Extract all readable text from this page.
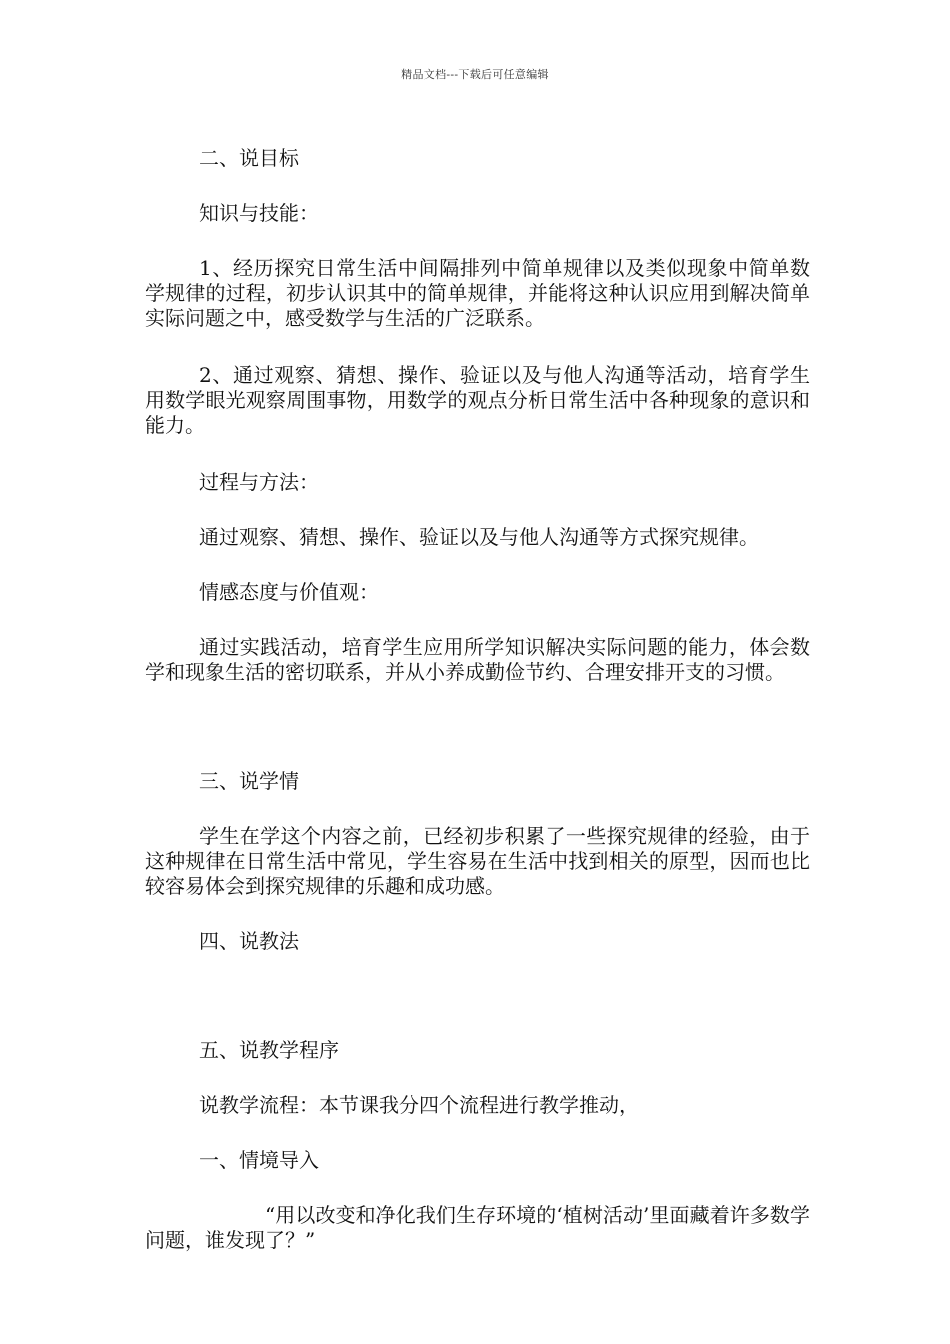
精品文档---下载后可任意编辑

二、说目标

知识与技能：

1、经历探究日常生活中间隔排列中简单规律以及类似现象中简单数学规律的过程，初步认识其中的简单规律，并能将这种认识应用到解决简单实际问题之中，感受数学与生活的广泛联系。

2、通过观察、猜想、操作、验证以及与他人沟通等活动，培育学生用数学眼光观察周围事物，用数学的观点分析日常生活中各种现象的意识和能力。

过程与方法：

通过观察、猜想、操作、验证以及与他人沟通等方式探究规律。

情感态度与价值观：

通过实践活动，培育学生应用所学知识解决实际问题的能力，体会数学和现象生活的密切联系，并从小养成勤俭节约、合理安排开支的习惯。

三、说学情

学生在学这个内容之前，已经初步积累了一些探究规律的经验，由于这种规律在日常生活中常见，学生容易在生活中找到相关的原型，因而也比较容易体会到探究规律的乐趣和成功感。

四、说教法

五、说教学程序

说教学流程：本节课我分四个流程进行教学推动，

一、情境导入

“用以改变和净化我们生存环境的‘植树活动’里面藏着许多数学问题，谁发现了？”
